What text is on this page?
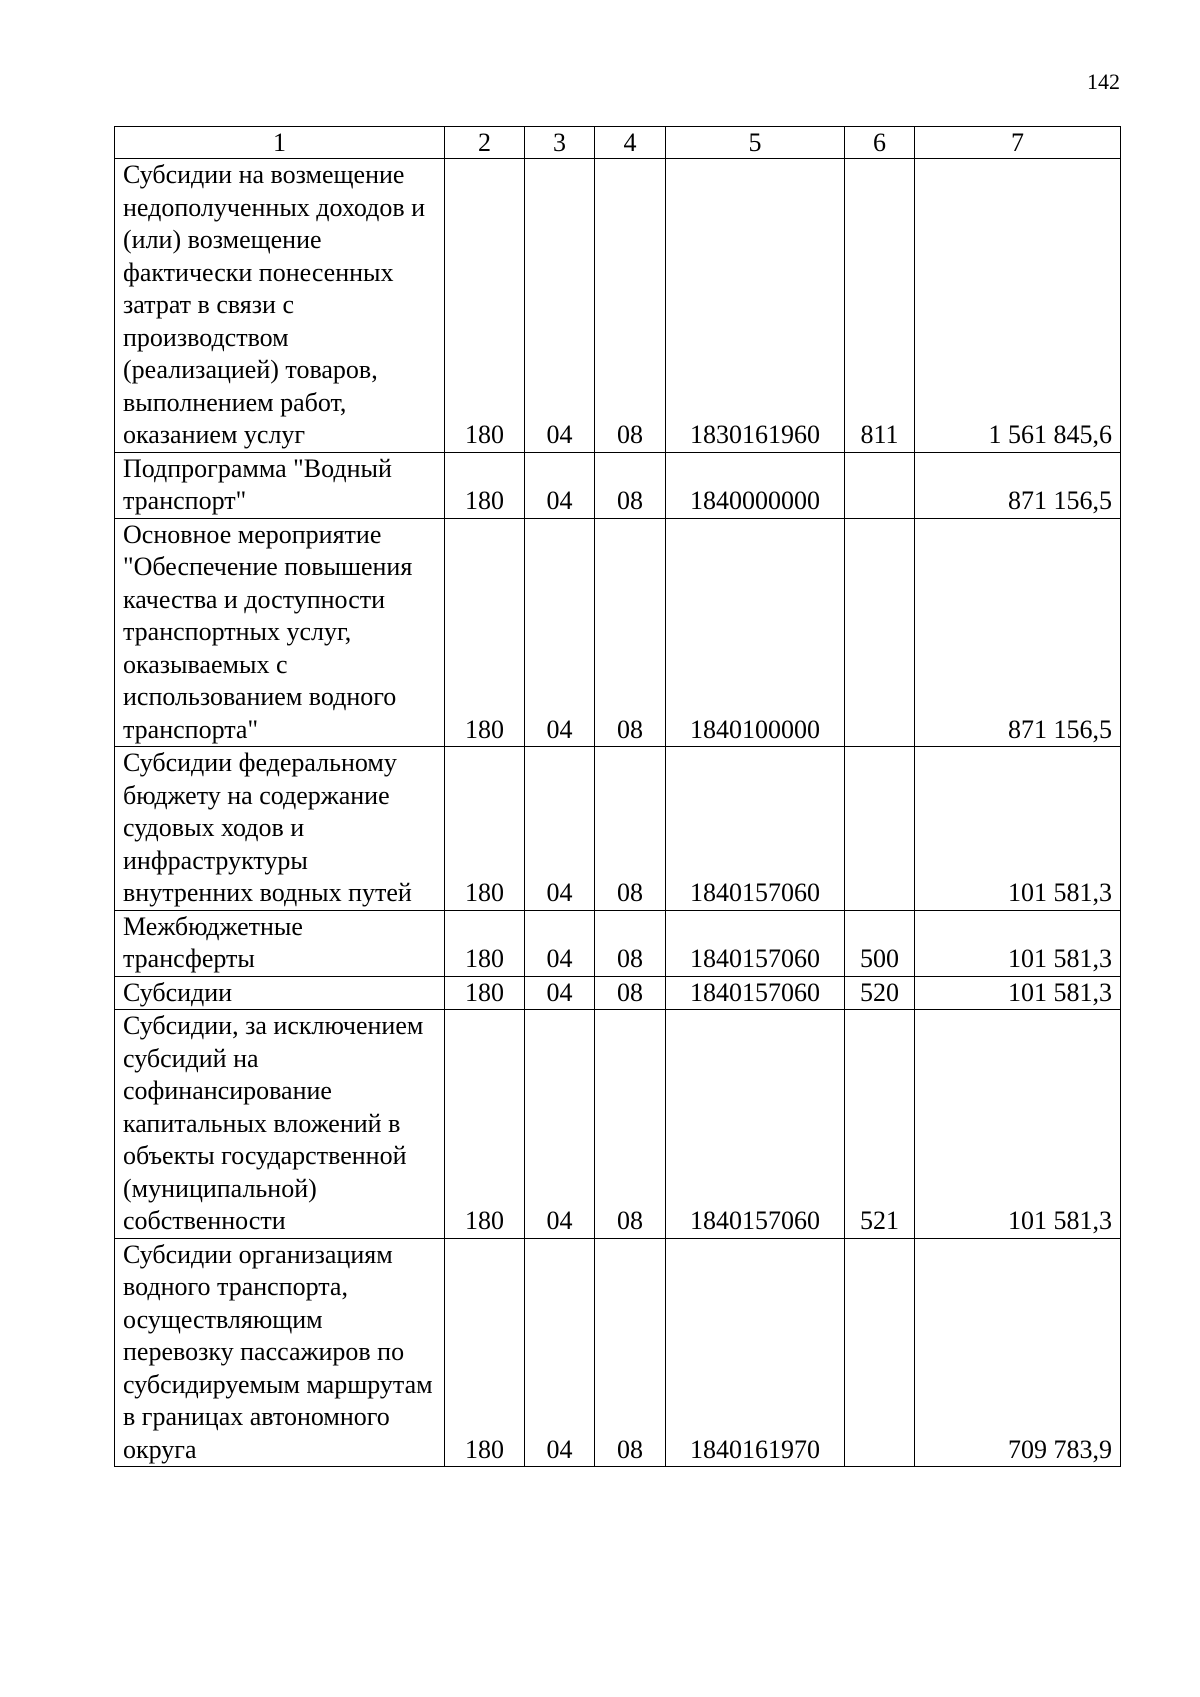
142
1	2	3	4	5	6	7
Субсидии на возмещение недополученных доходов и (или) возмещение фактически понесенных затрат в связи с производством (реализацией) товаров, выполнением работ, оказанием услуг	180	04	08	1830161960	811	1 561 845,6
Подпрограмма "Водный транспорт"	180	04	08	1840000000		871 156,5
Основное мероприятие "Обеспечение повышения качества и доступности транспортных услуг, оказываемых с использованием водного транспорта"	180	04	08	1840100000		871 156,5
Субсидии федеральному бюджету на содержание судовых ходов и инфраструктуры внутренних водных путей	180	04	08	1840157060		101 581,3
Межбюджетные трансферты	180	04	08	1840157060	500	101 581,3
Субсидии	180	04	08	1840157060	520	101 581,3
Субсидии, за исключением субсидий на софинансирование капитальных вложений в объекты государственной (муниципальной) собственности	180	04	08	1840157060	521	101 581,3
Субсидии организациям водного транспорта, осуществляющим перевозку пассажиров по субсидируемым маршрутам в границах автономного округа	180	04	08	1840161970		709 783,9
